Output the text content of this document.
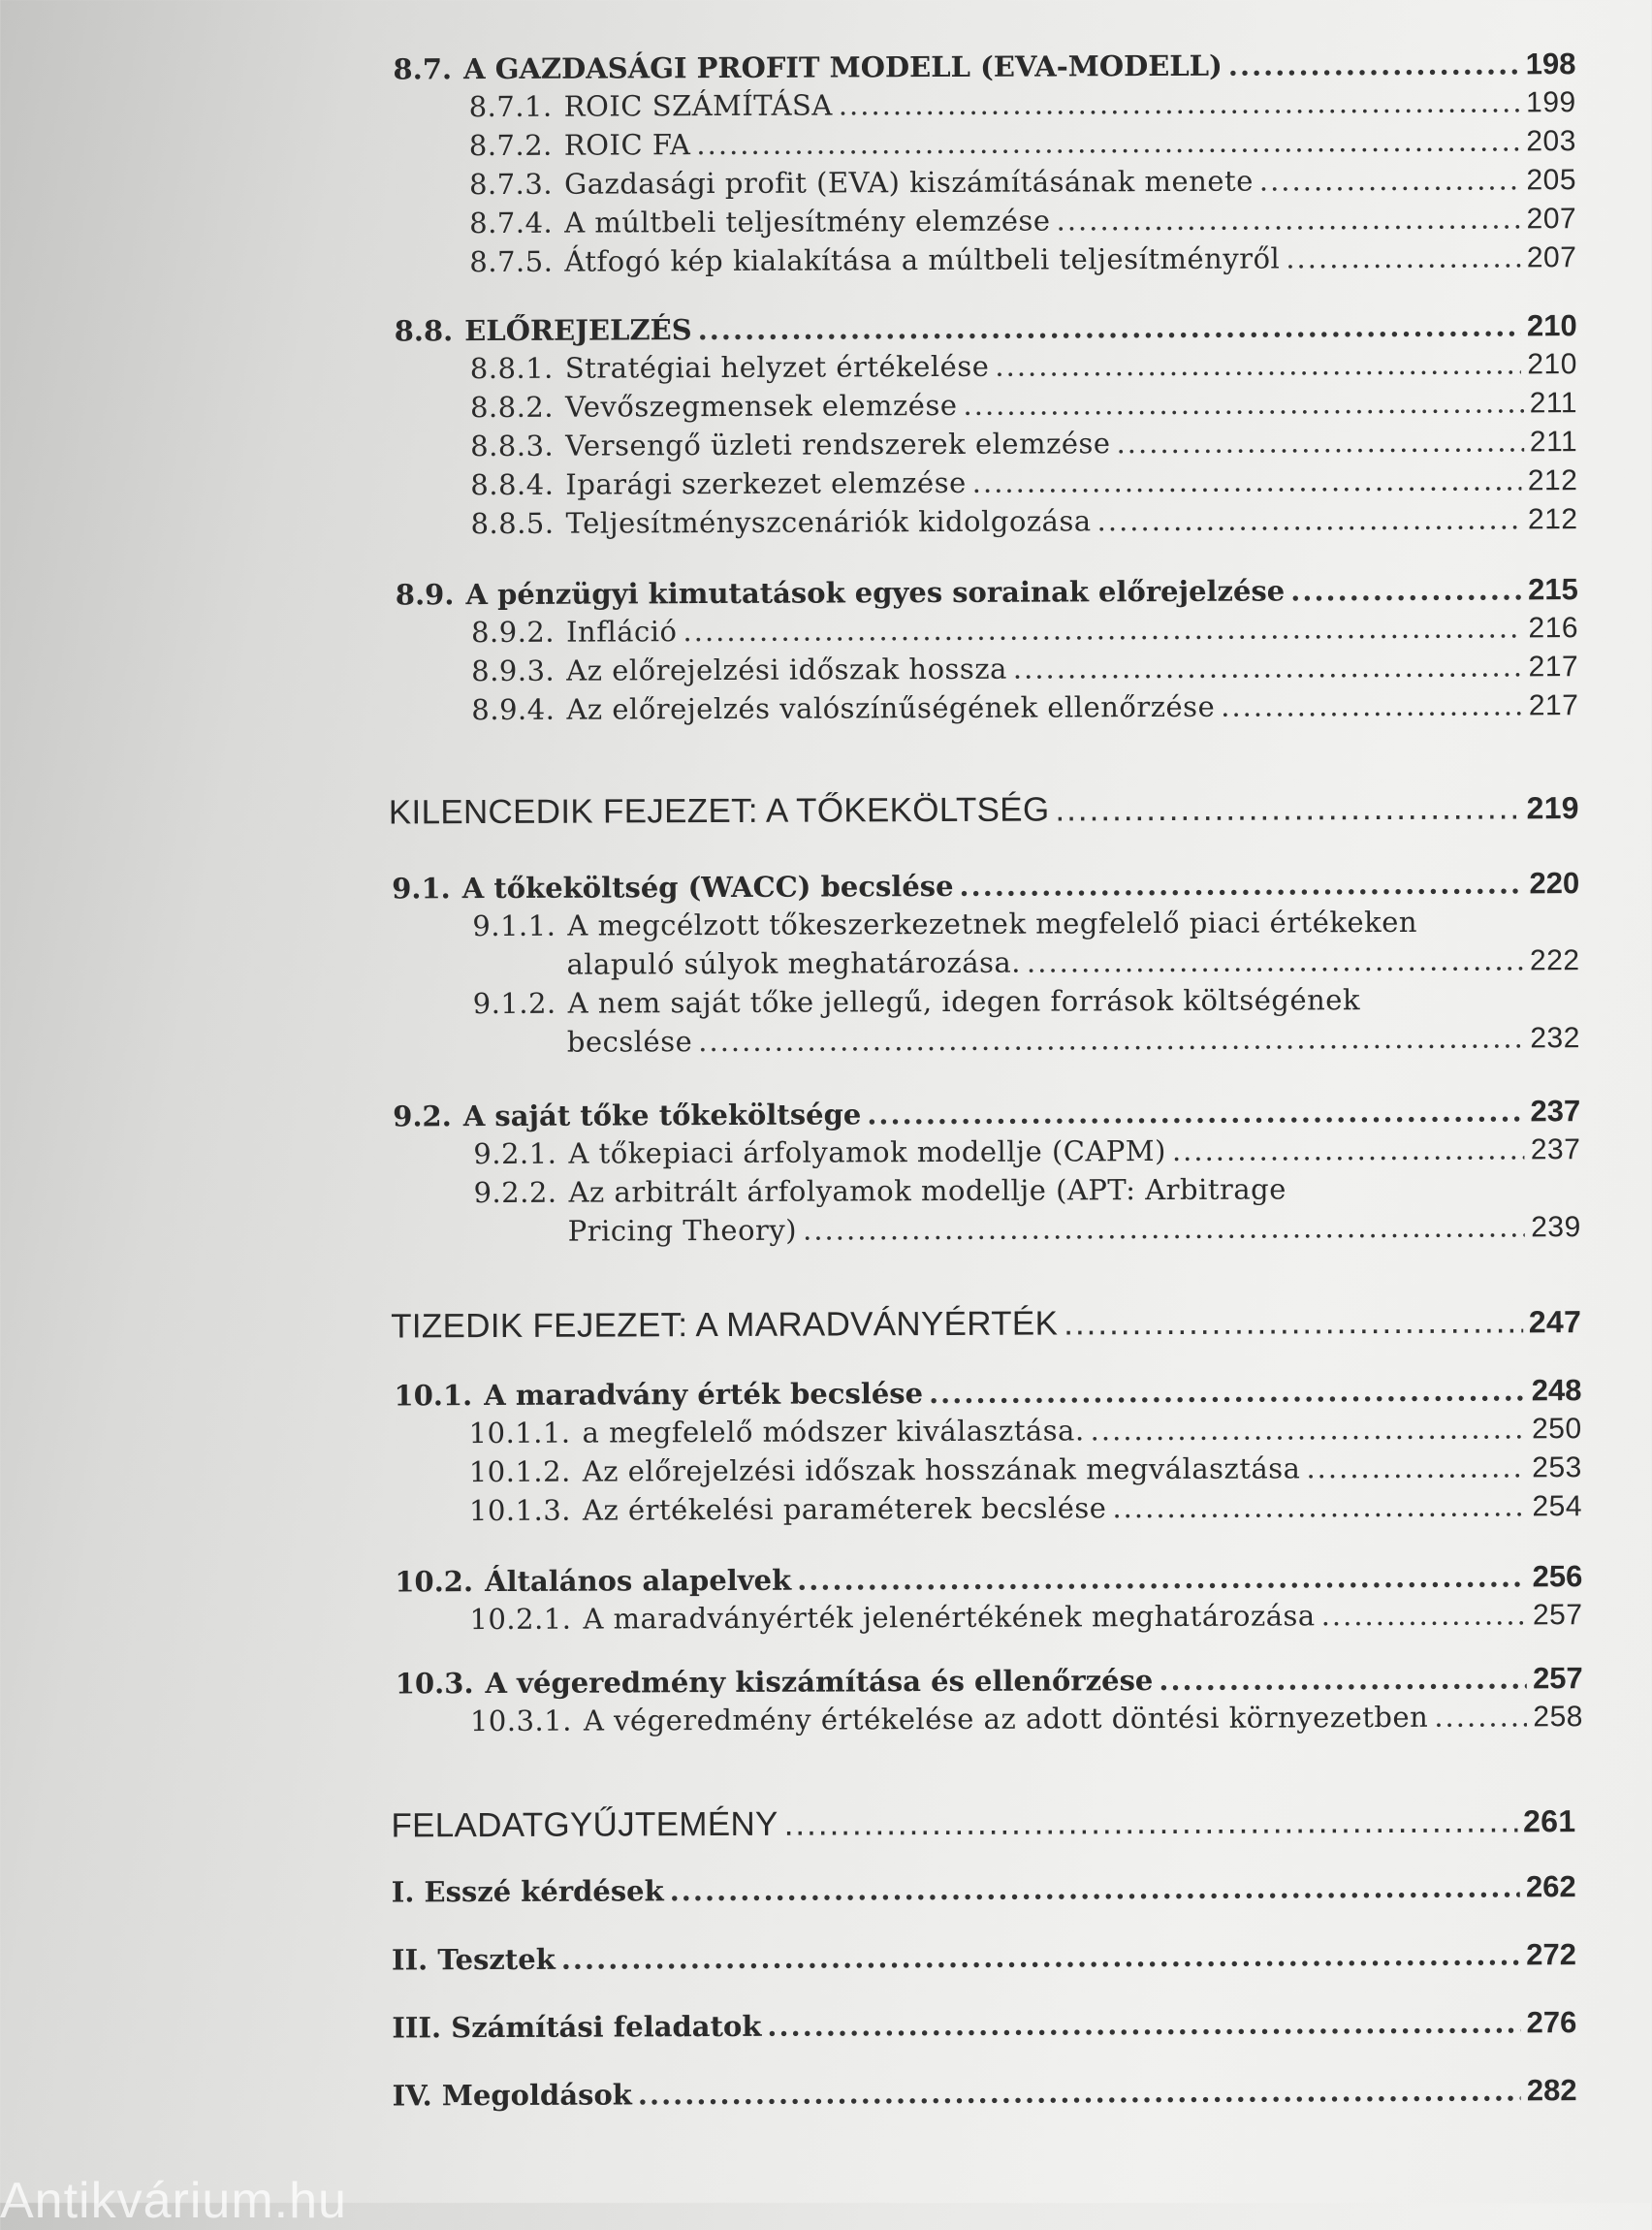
8.7. A GAZDASÁGI PROFIT MODELL (EVA-MODELL) .....	198
8.7.1. ROIC SZÁMÍTÁSA .....	199
8.7.2. ROIC FA .....	203
8.7.3. Gazdasági profit (EVA) kiszámításának menete .....	205
8.7.4. A múltbeli teljesítmény elemzése .....	207
8.7.5. Átfogó kép kialakítása a múltbeli teljesítményről .....	207
8.8. ELŐREJELZÉS .....	210
8.8.1. Stratégiai helyzet értékelése .....	210
8.8.2. Vevőszegmensek elemzése .....	211
8.8.3. Versengő üzleti rendszerek elemzése .....	211
8.8.4. Iparági szerkezet elemzése .....	212
8.8.5. Teljesítményszcenáriók kidolgozása .....	212
8.9. A pénzügyi kimutatások egyes sorainak előrejelzése .....	215
8.9.2. Infláció .....	216
8.9.3. Az előrejelzési időszak hossza .....	217
8.9.4. Az előrejelzés valószínűségének ellenőrzése .....	217
KILENCEDIK FEJEZET: A TŐKEKÖLTSÉG .....	219
9.1. A tőkeköltség (WACC) becslése .....	220
9.1.1. A megcélzott tőkeszerkezetnek megfelelő piaci értékeken
alapuló súlyok meghatározása. .....	222
9.1.2. A nem saját tőke jellegű, idegen források költségének
becslése .....	232
9.2. A saját tőke tőkeköltsége .....	237
9.2.1. A tőkepiaci árfolyamok modellje (CAPM) .....	237
9.2.2. Az arbitrált árfolyamok modellje (APT: Arbitrage
Pricing Theory) .....	239
TIZEDIK FEJEZET: A MARADVÁNYÉRTÉK .....	247
10.1. A maradvány érték becslése .....	248
10.1.1. a megfelelő módszer kiválasztása. .....	250
10.1.2. Az előrejelzési időszak hosszának megválasztása .....	253
10.1.3. Az értékelési paraméterek becslése .....	254
10.2. Általános alapelvek .....	256
10.2.1. A maradványérték jelenértékének meghatározása .....	257
10.3. A végeredmény kiszámítása és ellenőrzése .....	257
10.3.1. A végeredmény értékelése az adott döntési környezetben .....	258
FELADATGYŰJTEMÉNY .....	261
I. Esszé kérdések .....	262
II. Tesztek .....	272
III. Számítási feladatok .....	276
IV. Megoldások .....	282
Antikvárium.hu
